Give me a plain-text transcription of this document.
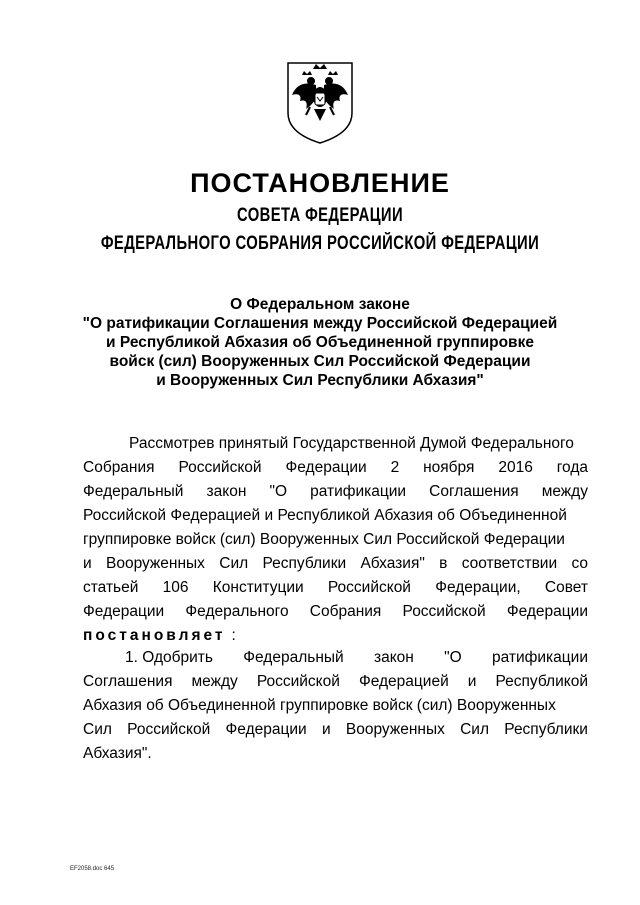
ПОСТАНОВЛЕНИЕ
СОВЕТА ФЕДЕРАЦИИ
ФЕДЕРАЛЬНОГО СОБРАНИЯ РОССИЙСКОЙ ФЕДЕРАЦИИ
О Федеральном законе
"О ратификации Соглашения между Российской Федерацией
и Республикой Абхазия об Объединенной группировке
войск (сил) Вооруженных Сил Российской Федерации
и Вооруженных Сил Республики Абхазия"
Рассмотрев принятый Государственной Думой Федерального
Собрания Российской Федерации 2 ноября 2016 года
Федеральный закон "О ратификации Соглашения между
Российской Федерацией и Республикой Абхазия об Объединенной
группировке войск (сил) Вооруженных Сил Российской Федерации
и Вооруженных Сил Республики Абхазия" в соответствии со
статьей 106 Конституции Российской Федерации, Совет
Федерации Федерального Собрания Российской Федерации
постановляет :
1. Одобрить Федеральный закон "О ратификации
Соглашения между Российской Федерацией и Республикой
Абхазия об Объединенной группировке войск (сил) Вооруженных
Сил Российской Федерации и Вооруженных Сил Республики
Абхазия".
EF2058.doc 645
